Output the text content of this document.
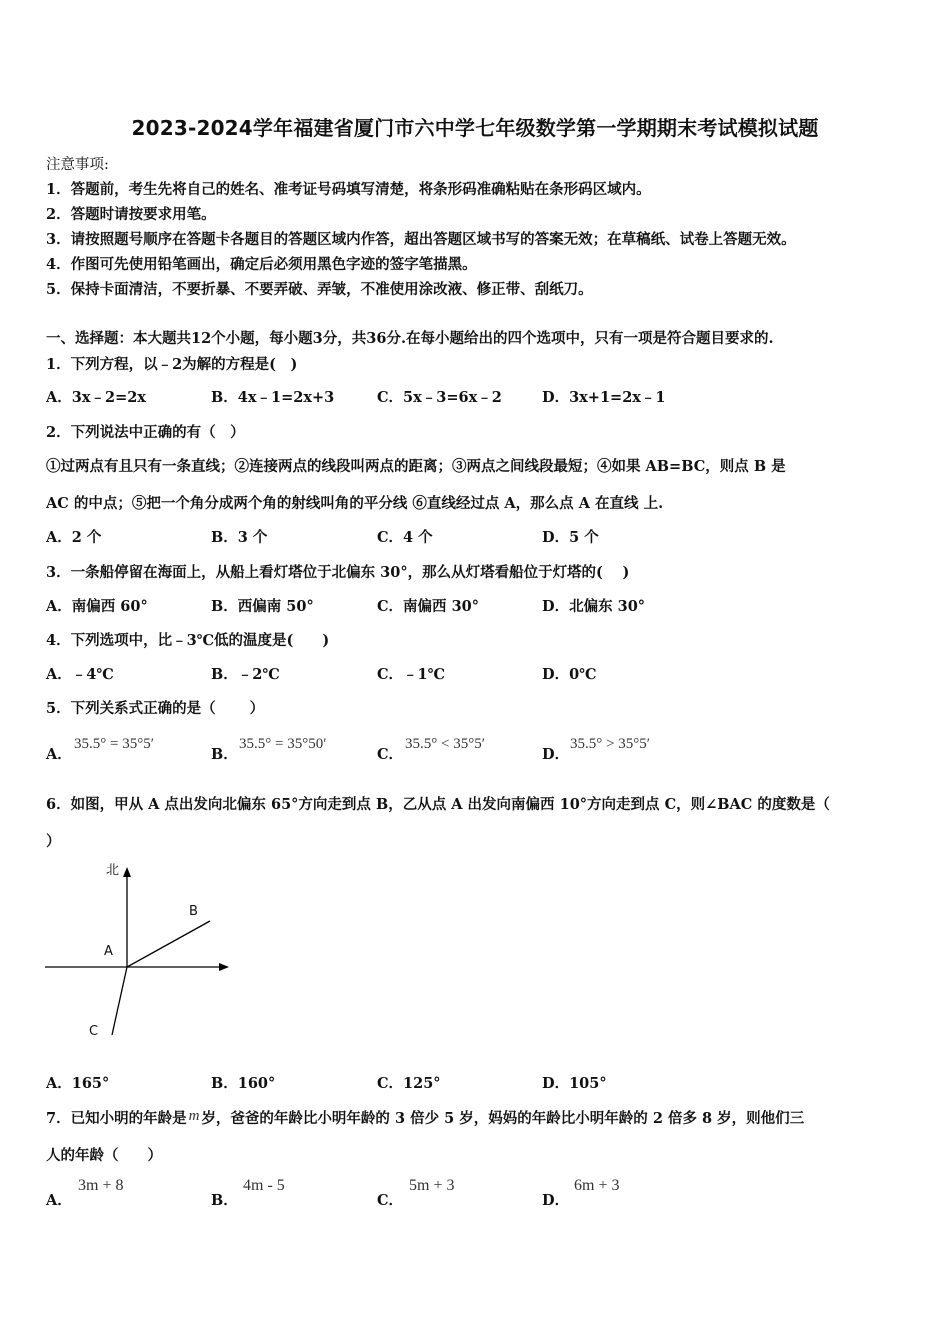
2023-2024学年福建省厦门市六中学七年级数学第一学期期末考试模拟试题
注意事项:
1．答题前，考生先将自己的姓名、准考证号码填写清楚，将条形码准确粘贴在条形码区域内。
2．答题时请按要求用笔。
3．请按照题号顺序在答题卡各题目的答题区域内作答，超出答题区域书写的答案无效；在草稿纸、试卷上答题无效。
4．作图可先使用铅笔画出，确定后必须用黑色字迹的签字笔描黑。
5．保持卡面清洁，不要折暴、不要弄破、弄皱，不准使用涂改液、修正带、刮纸刀。
一、选择题：本大题共12个小题，每小题3分，共36分.在每小题给出的四个选项中，只有一项是符合题目要求的.
1．下列方程，以﹣2为解的方程是(　)
A．3x﹣2=2x	B．4x﹣1=2x+3	C．5x﹣3=6x﹣2	D．3x+1=2x﹣1
2．下列说法中正确的有（　）
①过两点有且只有一条直线；②连接两点的线段叫两点的距离；③两点之间线段最短；④如果 AB=BC，则点 B 是
AC 的中点；⑤把一个角分成两个角的射线叫角的平分线 ⑥直线经过点 A，那么点 A 在直线 上.
A．2 个	B．3 个	C．4 个	D．5 个
3．一条船停留在海面上，从船上看灯塔位于北偏东 30°，那么从灯塔看船位于灯塔的(　 )
A．南偏西 60°	B．西偏南 50°	C．南偏西 30°	D．北偏东 30°
4．下列选项中，比﹣3℃低的温度是(　　)
A．﹣4℃	B．﹣2℃	C．﹣1℃	D．0℃
5．下列关系式正确的是（　　 ）
A．
35.5° = 35°5′
B．
35.5° = 35°50′
C．
35.5° < 35°5′
D．
35.5° > 35°5′
6．如图，甲从 A 点出发向北偏东 65°方向走到点 B，乙从点 A 出发向南偏西 10°方向走到点 C，则∠BAC 的度数是（
）
北
A
B
C
A．165°	B．160°	C．125°	D．105°
7．已知小明的年龄是 m 岁，爸爸的年龄比小明年龄的 3 倍少 5 岁，妈妈的年龄比小明年龄的 2 倍多 8 岁，则他们三
人的年龄（　　）
A．
3m + 8
B．
4m - 5
C．
5m + 3
D．
6m + 3
